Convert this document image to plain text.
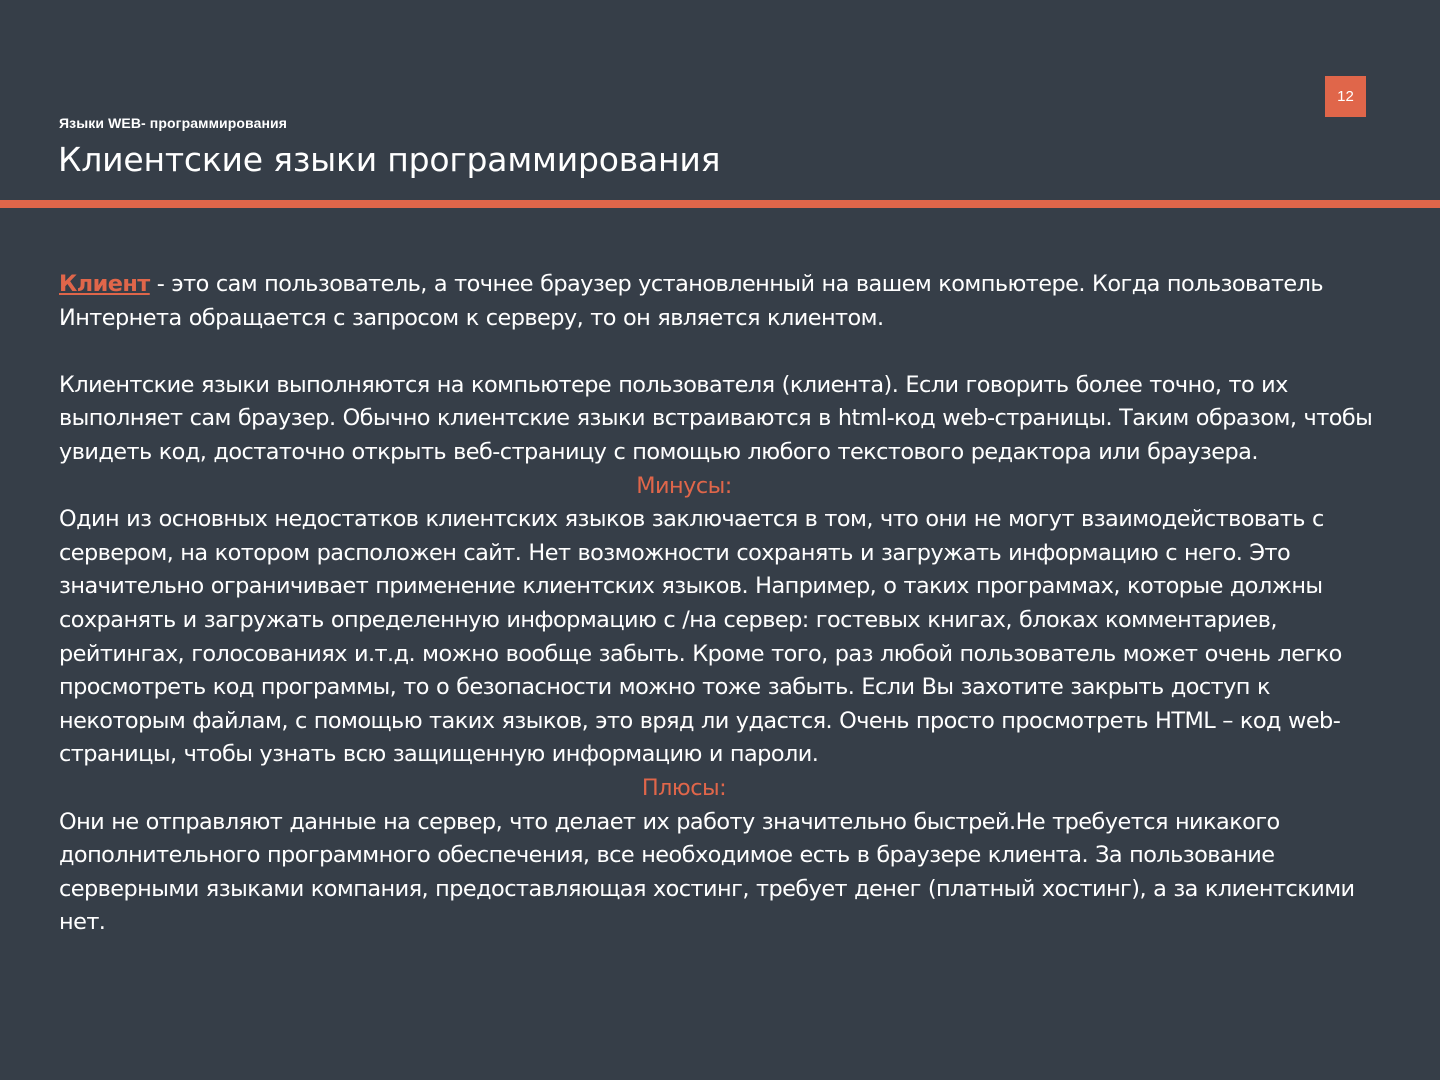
12
Языки WEB- программирования
Клиентские языки программирования

Клиент - это сам пользователь, а точнее браузер установленный на вашем компьютере. Когда пользователь Интернета обращается с запросом к серверу, то он является клиентом.

Клиентские языки выполняются на компьютере пользователя (клиента). Если говорить более точно, то их выполняет сам браузер. Обычно клиентские языки встраиваются в html-код web-страницы. Таким образом, чтобы увидеть код, достаточно открыть веб-страницу с помощью любого текстового редактора или браузера.

Минусы:

Один из основных недостатков клиентских языков заключается в том, что они не могут взаимодействовать с сервером, на котором расположен сайт. Нет возможности сохранять и загружать информацию с него. Это значительно ограничивает применение клиентских языков. Например, о таких программах, которые должны сохранять и загружать определенную информацию с /на сервер: гостевых книгах, блоках комментариев, рейтингах, голосованиях и.т.д. можно вообще забыть. Кроме того, раз любой пользователь может очень легко просмотреть код программы, то о безопасности можно тоже забыть. Если Вы захотите закрыть доступ к некоторым файлам, с помощью таких языков, это вряд ли удастся. Очень просто просмотреть HTML – код web-страницы, чтобы узнать всю защищенную информацию и пароли.

Плюсы:

Они не отправляют данные на сервер, что делает их работу значительно быстрей.Не требуется никакого дополнительного программного обеспечения, все необходимое есть в браузере клиента. За пользование серверными языками компания, предоставляющая хостинг, требует денег (платный хостинг), а за клиентскими нет.
